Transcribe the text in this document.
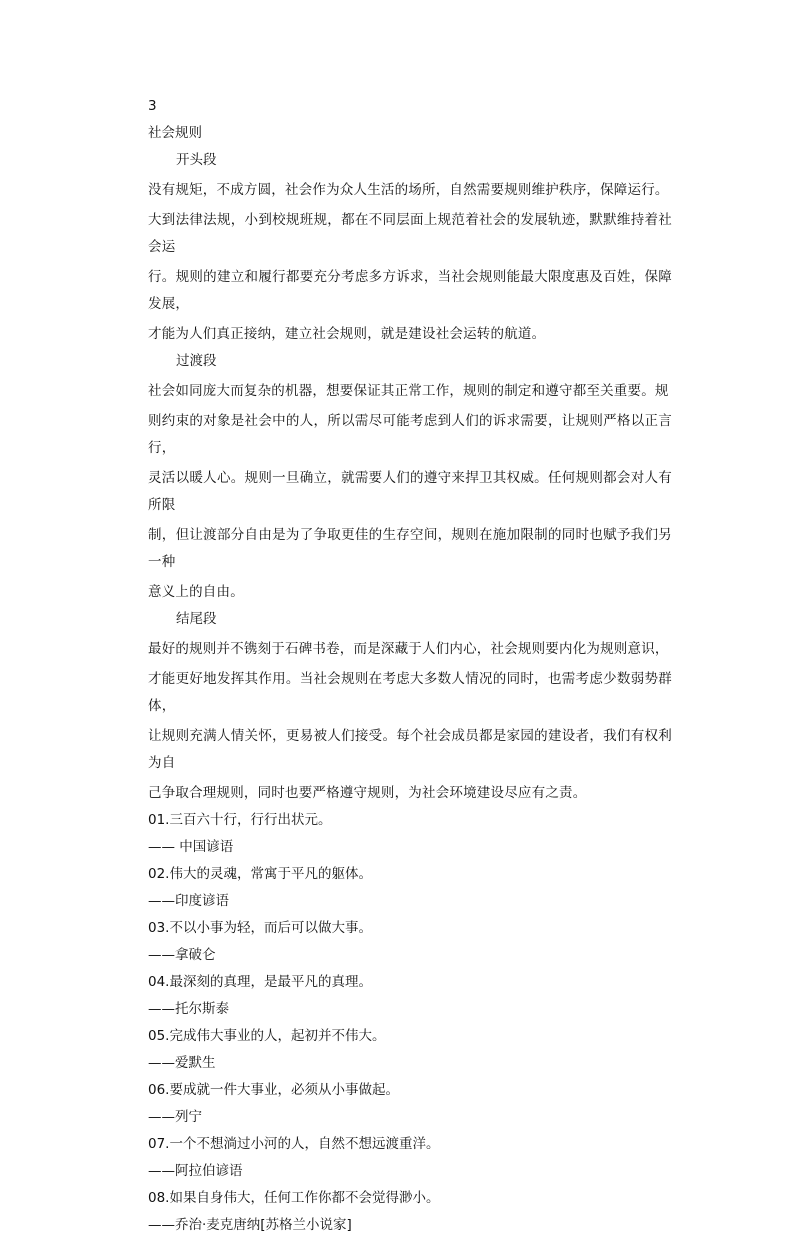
3
社会规则
开头段
没有规矩，不成方圆，社会作为众人生活的场所，自然需要规则维护秩序，保障运行。
大到法律法规，小到校规班规，都在不同层面上规范着社会的发展轨迹，默默维持着社会运
行。规则的建立和履行都要充分考虑多方诉求，当社会规则能最大限度惠及百姓，保障发展，
才能为人们真正接纳，建立社会规则，就是建设社会运转的航道。
过渡段
社会如同庞大而复杂的机器，想要保证其正常工作，规则的制定和遵守都至关重要。规
则约束的对象是社会中的人，所以需尽可能考虑到人们的诉求需要，让规则严格以正言行，
灵活以暖人心。规则一旦确立，就需要人们的遵守来捍卫其权威。任何规则都会对人有所限
制，但让渡部分自由是为了争取更佳的生存空间，规则在施加限制的同时也赋予我们另一种
意义上的自由。
结尾段
最好的规则并不镌刻于石碑书卷，而是深藏于人们内心，社会规则要内化为规则意识，
才能更好地发挥其作用。当社会规则在考虑大多数人情况的同时，也需考虑少数弱势群体，
让规则充满人情关怀，更易被人们接受。每个社会成员都是家园的建设者，我们有权利为自
己争取合理规则，同时也要严格遵守规则，为社会环境建设尽应有之责。
01.三百六十行，行行出状元。
—— 中国谚语
02.伟大的灵魂，常寓于平凡的躯体。
——印度谚语
03.不以小事为轻，而后可以做大事。
——拿破仑
04.最深刻的真理，是最平凡的真理。
——托尔斯泰
05.完成伟大事业的人，起初并不伟大。
——爱默生
06.要成就一件大事业，必须从小事做起。
——列宁
07.一个不想淌过小河的人，自然不想远渡重洋。
——阿拉伯谚语
08.如果自身伟大，任何工作你都不会觉得渺小。
——乔治·麦克唐纳[苏格兰小说家]
